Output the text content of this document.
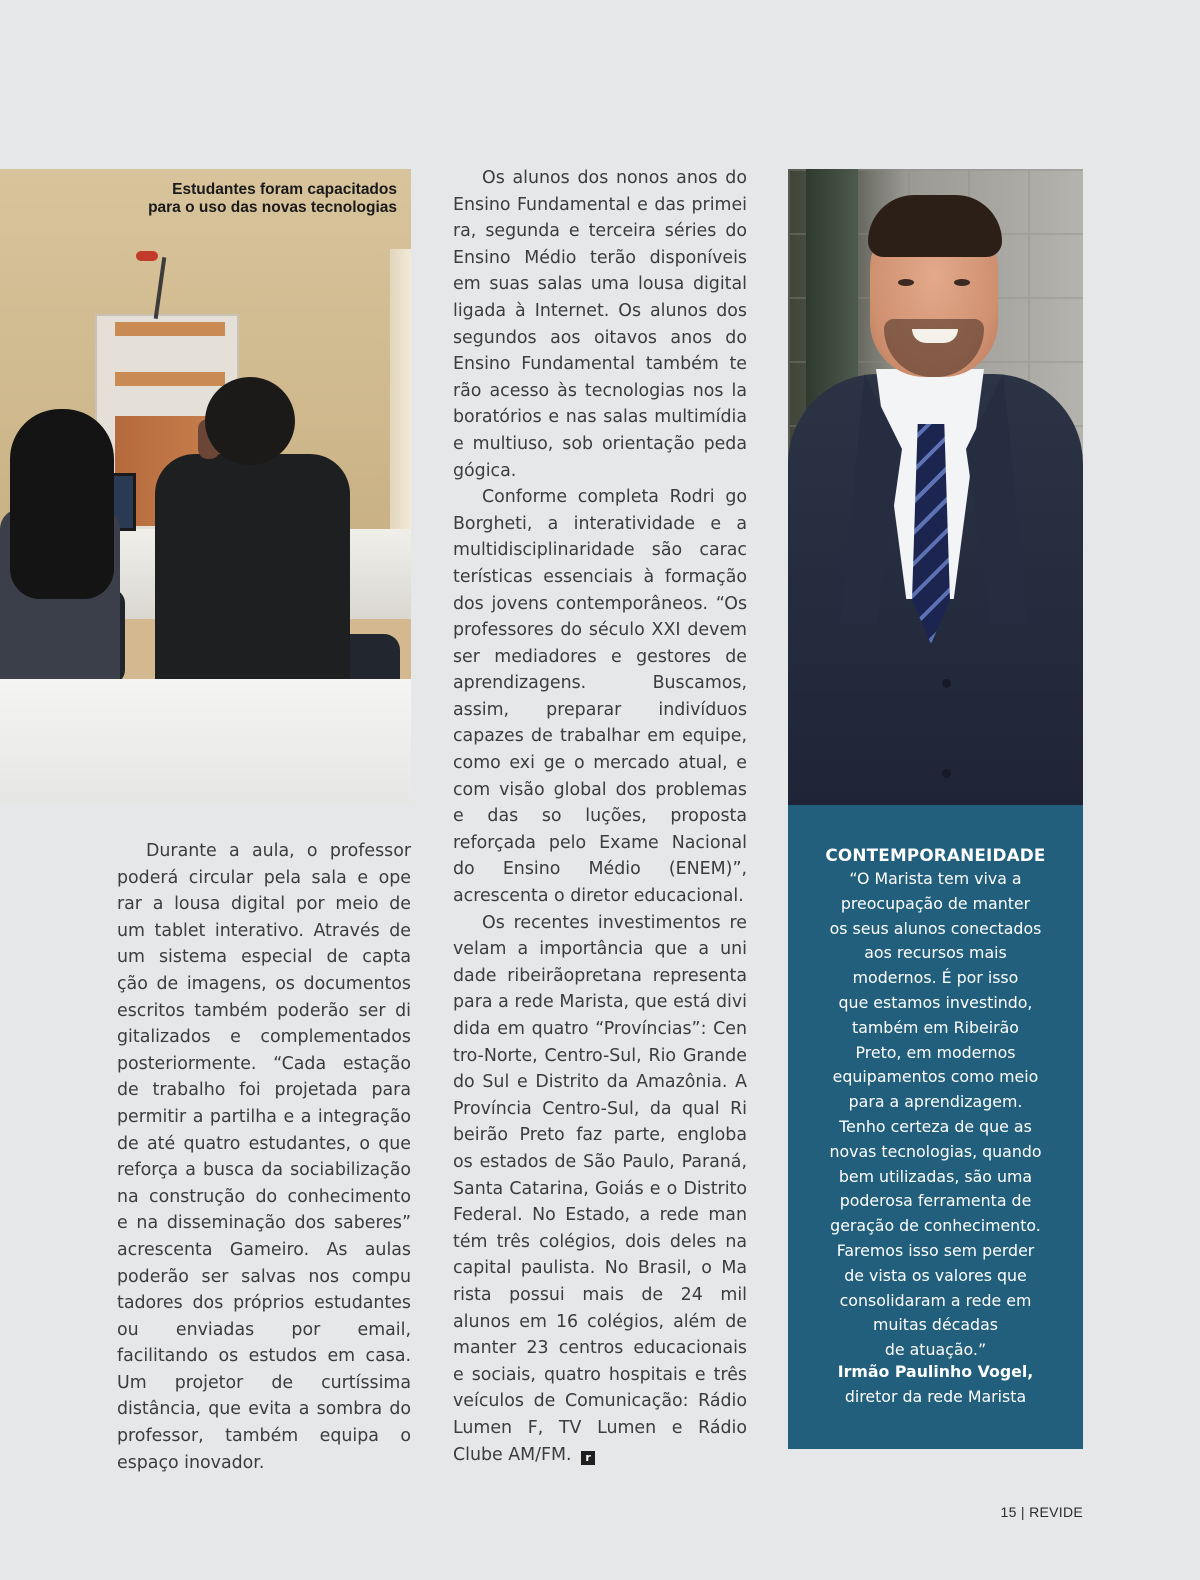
Estudantes foram capacitados
para o uso das novas tecnologias

Durante a aula, o professor poderá circular pela sala e ope rar a lousa digital por meio de um tablet interativo. Através de um sistema especial de capta ção de imagens, os documentos escritos também poderão ser di gitalizados e complementados posteriormente. “Cada estação de trabalho foi projetada para permitir a partilha e a integração de até quatro estudantes, o que reforça a busca da sociabilização na construção do conhecimento e na disseminação dos saberes” acrescenta Gameiro. As aulas poderão ser salvas nos compu tadores dos próprios estudantes ou enviadas por email, facilitando os estudos em casa. Um projetor de curtíssima distância, que evita a sombra do professor, também equipa o espaço inovador.

Os alunos dos nonos anos do Ensino Fundamental e das primei ra, segunda e terceira séries do Ensino Médio terão disponíveis em suas salas uma lousa digital ligada à Internet. Os alunos dos segundos aos oitavos anos do Ensino Fundamental também te rão acesso às tecnologias nos la boratórios e nas salas multimídia e multiuso, sob orientação peda gógica.

Conforme completa Rodri go Borgheti, a interatividade e a multidisciplinaridade são carac terísticas essenciais à formação dos jovens contemporâneos. “Os professores do século XXI devem ser mediadores e gestores de aprendizagens. Buscamos, assim, preparar indivíduos capazes de trabalhar em equipe, como exi ge o mercado atual, e com visão global dos problemas e das so luções, proposta reforçada pelo Exame Nacional do Ensino Médio (ENEM)”, acrescenta o diretor educacional.

Os recentes investimentos re velam a importância que a uni dade ribeirãopretana representa para a rede Marista, que está divi dida em quatro “Províncias”: Cen tro-Norte, Centro-Sul, Rio Grande do Sul e Distrito da Amazônia. A Província Centro-Sul, da qual Ri beirão Preto faz parte, engloba os estados de São Paulo, Paraná, Santa Catarina, Goiás e o Distrito Federal. No Estado, a rede man tém três colégios, dois deles na capital paulista. No Brasil, o Ma rista possui mais de 24 mil alunos em 16 colégios, além de manter 23 centros educacionais e sociais, quatro hospitais e três veículos de Comunicação: Rádio Lumen F, TV Lumen e Rádio Clube AM/FM. r

CONTEMPORANEIDADE
“O Marista tem viva a
preocupação de manter
os seus alunos conectados
aos recursos mais
modernos. É por isso
que estamos investindo,
também em Ribeirão
Preto, em modernos
equipamentos como meio
para a aprendizagem.
Tenho certeza de que as
novas tecnologias, quando
bem utilizadas, são uma
poderosa ferramenta de
geração de conhecimento.
Faremos isso sem perder
de vista os valores que
consolidaram a rede em
muitas décadas
de atuação.”
Irmão Paulinho Vogel,
diretor da rede Marista
15 | REVIDE
